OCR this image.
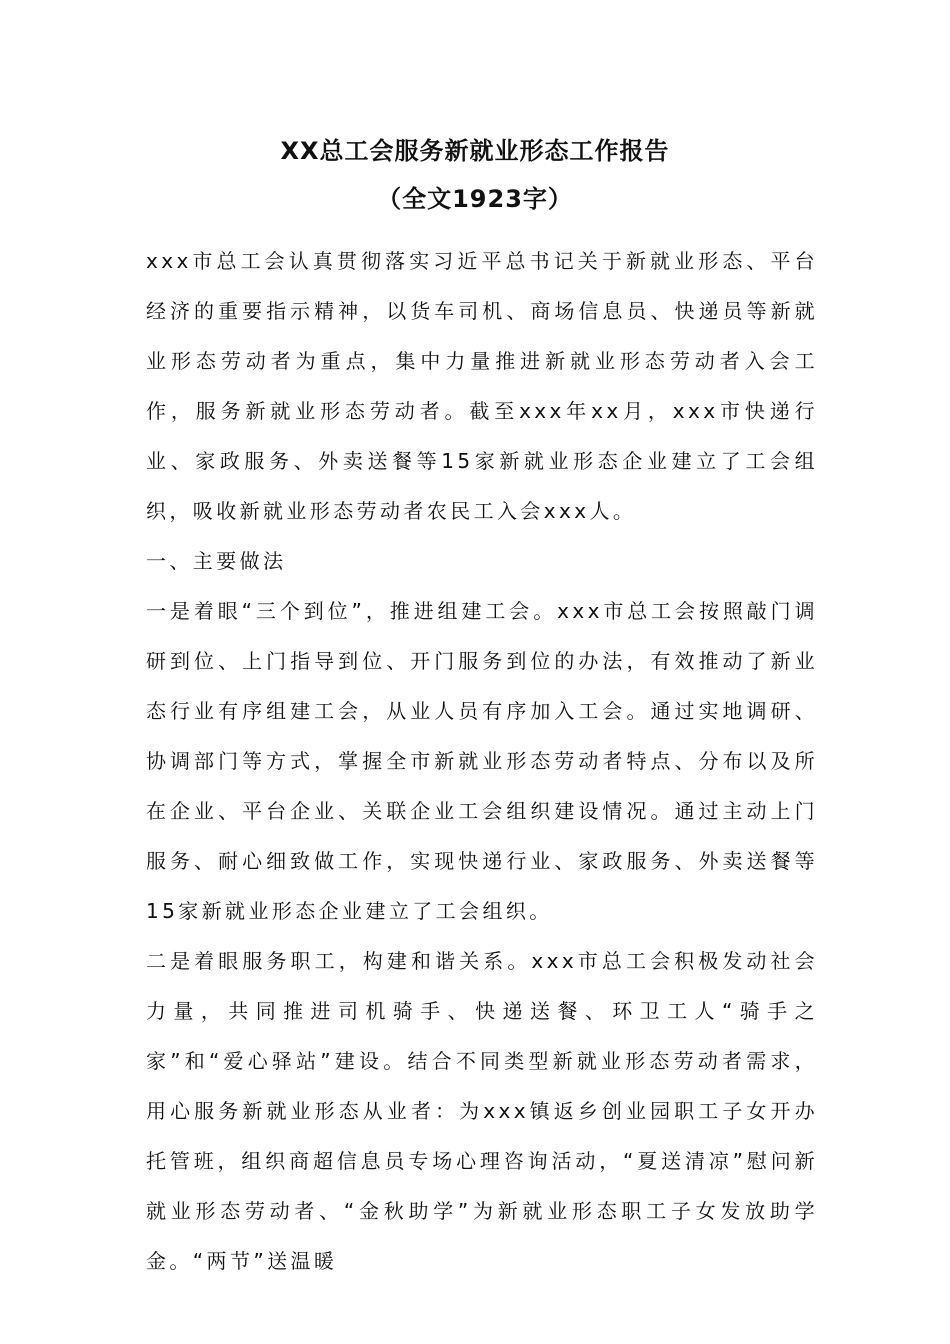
XX总工会服务新就业形态工作报告
（全文1923字）

xxx市总工会认真贯彻落实习近平总书记关于新就业形态、平台经济的重要指示精神，以货车司机、商场信息员、快递员等新就业形态劳动者为重点，集中力量推进新就业形态劳动者入会工作，服务新就业形态劳动者。截至xxx年xx月，xxx市快递行业、家政服务、外卖送餐等15家新就业形态企业建立了工会组织，吸收新就业形态劳动者农民工入会xxx人。

一、主要做法

一是着眼“三个到位”，推进组建工会。xxx市总工会按照敲门调研到位、上门指导到位、开门服务到位的办法，有效推动了新业态行业有序组建工会，从业人员有序加入工会。通过实地调研、协调部门等方式，掌握全市新就业形态劳动者特点、分布以及所在企业、平台企业、关联企业工会组织建设情况。通过主动上门服务、耐心细致做工作，实现快递行业、家政服务、外卖送餐等15家新就业形态企业建立了工会组织。

二是着眼服务职工，构建和谐关系。xxx市总工会积极发动社会力量，共同推进司机骑手、快递送餐、环卫工人“骑手之家”和“爱心驿站”建设。结合不同类型新就业形态劳动者需求，用心服务新就业形态从业者：为xxx镇返乡创业园职工子女开办托管班，组织商超信息员专场心理咨询活动，“夏送清凉”慰问新就业形态劳动者、“金秋助学”为新就业形态职工子女发放助学金。“两节”送温暖
